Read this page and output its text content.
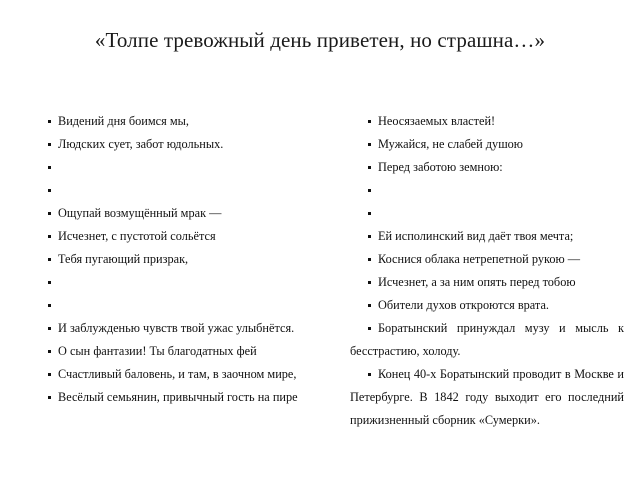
«Толпе тревожный день приветен, но страшна…»
Видений дня боимся мы,
Людских сует, забот юдольных.
Ощупай возмущённый мрак —
Исчезнет, с пустотой сольётся
Тебя пугающий призрак,
И заблужденью чувств твой ужас улыбнётся.
О сын фантазии! Ты благодатных фей
Счастливый баловень, и там, в заочном мире,
Весёлый семьянин, привычный гость на пире
Неосязаемых властей!
Мужайся, не слабей душою
Перед заботою земною:
Ей исполинский вид даёт твоя мечта;
Коснися облака нетрепетной рукою —
Исчезнет, а за ним опять перед тобою
Обители духов откроются врата.
Боратынский принуждал музу и мысль к бесстрастию, холоду.
Конец 40-х Боратынский проводит в Москве и Петербурге. В 1842 году выходит его последний прижизненный сборник «Сумерки».
